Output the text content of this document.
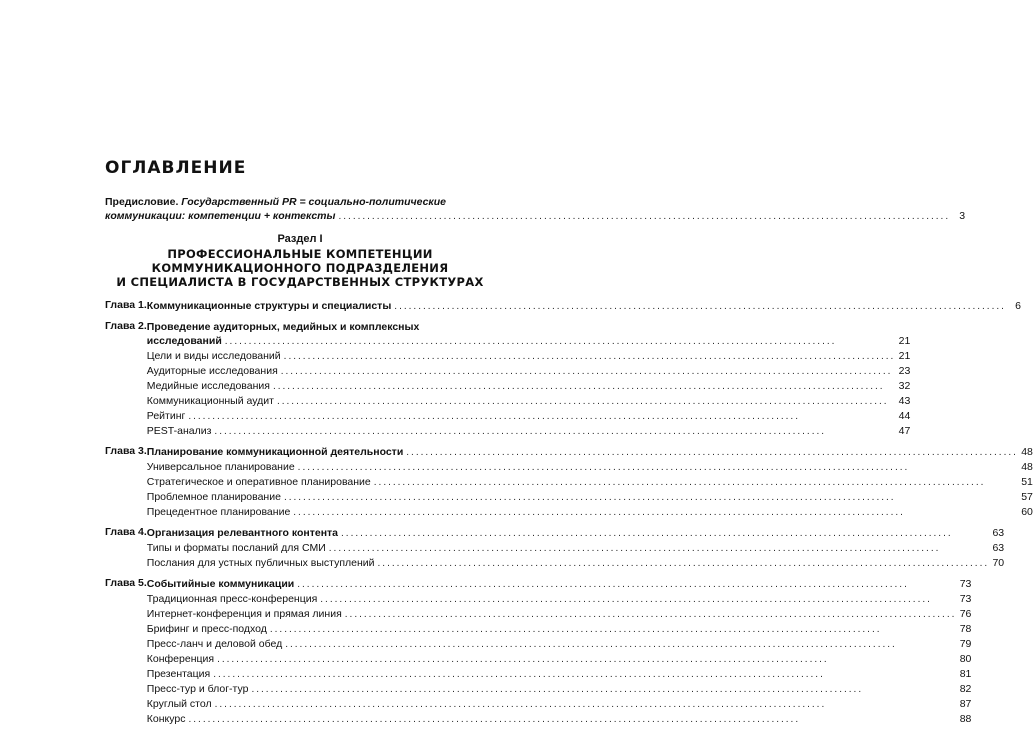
ОГЛАВЛЕНИЕ
Предисловие. Государственный PR = социально-политические
коммуникации: компетенции + контексты .....	3
Раздел I
ПРОФЕССИОНАЛЬНЫЕ КОМПЕТЕНЦИИ
КОММУНИКАЦИОННОГО ПОДРАЗДЕЛЕНИЯ
И СПЕЦИАЛИСТА В ГОСУДАРСТВЕННЫХ СТРУКТУРАХ
Глава 1. Коммуникационные структуры и специалисты .....	6
Глава 2. Проведение аудиторных, медийных и комплексных
исследований .....	21
Цели и виды исследований .....	21
Аудиторные исследования .....	23
Медийные исследования .....	32
Коммуникационный аудит .....	43
Рейтинг .....	44
PEST-анализ .....	47
Глава 3. Планирование коммуникационной деятельности .....	48
Универсальное планирование .....	48
Стратегическое и оперативное планирование .....	51
Проблемное планирование .....	57
Прецедентное планирование .....	60
Глава 4. Организация релевантного контента .....	63
Типы и форматы посланий для СМИ .....	63
Послания для устных публичных выступлений .....	70
Глава 5. Событийные коммуникации .....	73
Традиционная пресс-конференция .....	73
Интернет-конференция и прямая линия .....	76
Брифинг и пресс-подход .....	78
Пресс-ланч и деловой обед .....	79
Конференция .....	80
Презентация .....	81
Пресс-тур и блог-тур .....	82
Круглый стол .....	87
Конкурс .....	88
